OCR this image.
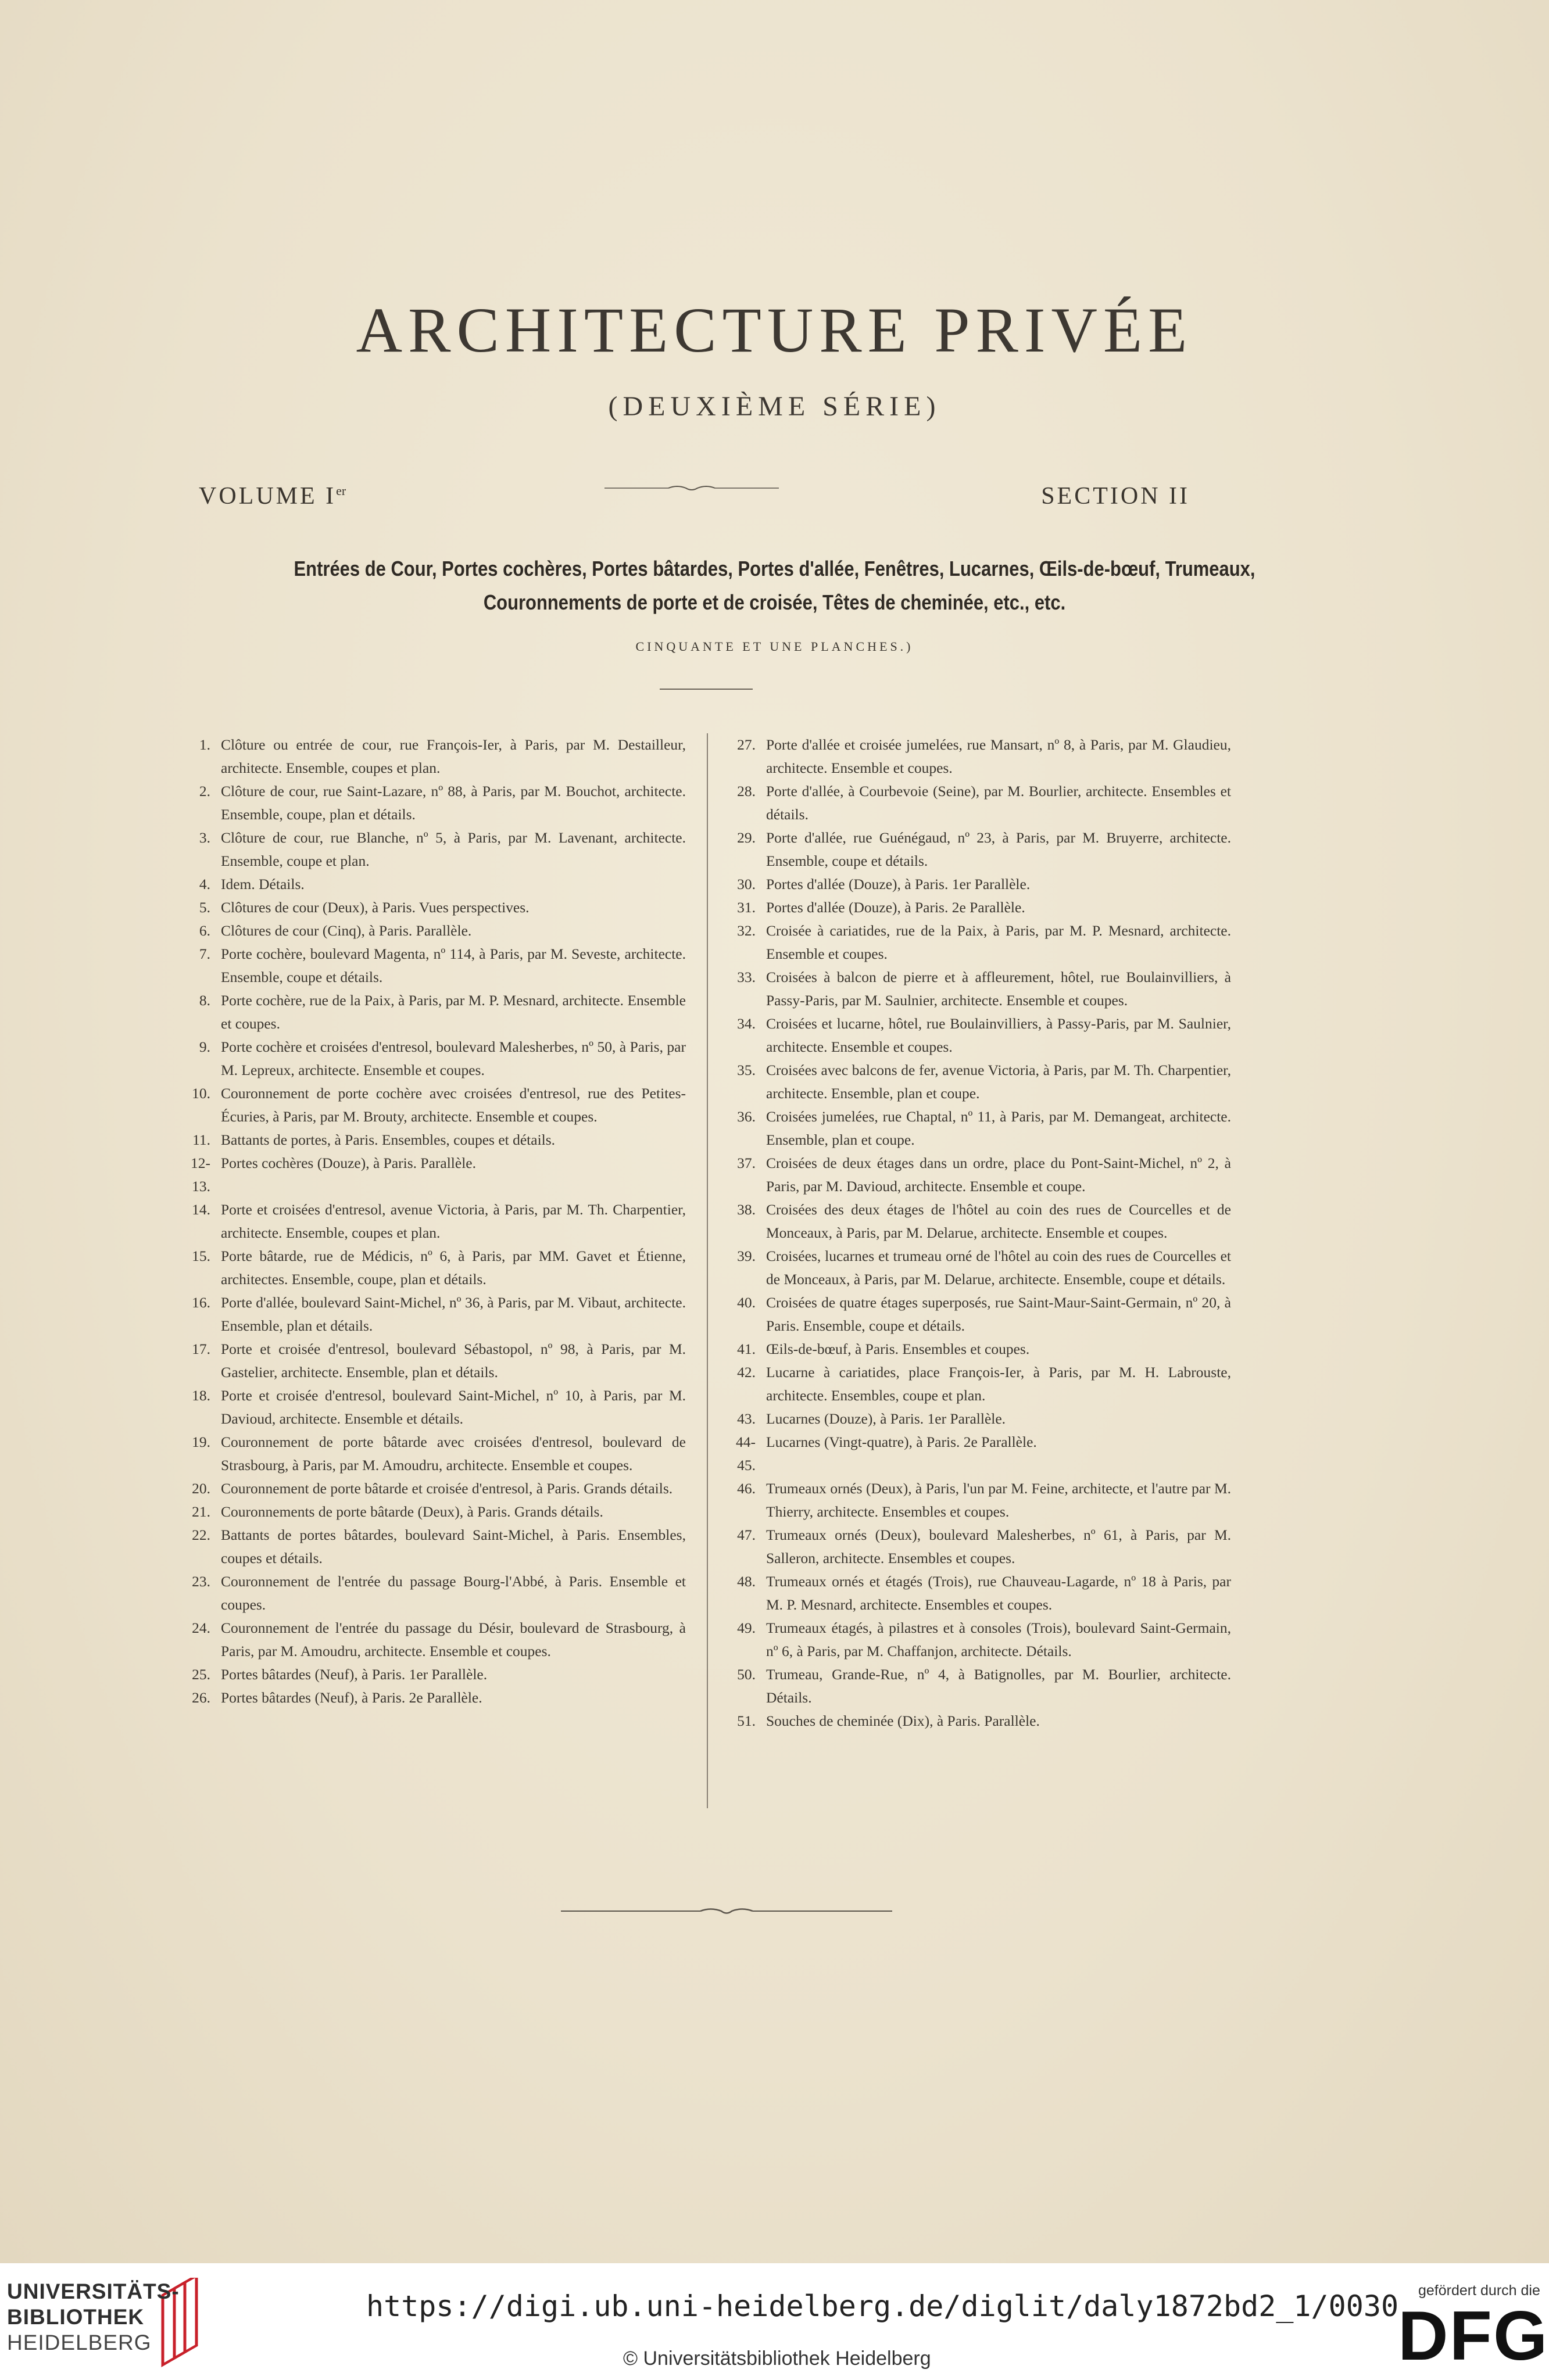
ARCHITECTURE PRIVÉE
(DEUXIÈME SÉRIE)
VOLUME Ier	SECTION II
Entrées de Cour, Portes cochères, Portes bâtardes, Portes d'allée, Fenêtres, Lucarnes, Œils-de-bœuf, Trumeaux,
Couronnements de porte et de croisée, Têtes de cheminée, etc., etc.
CINQUANTE ET UNE PLANCHES.)
1. Clôture ou entrée de cour, rue François-Ier, à Paris, par M. Destailleur, architecte. Ensemble, coupes et plan.
2. Clôture de cour, rue Saint-Lazare, nº 88, à Paris, par M. Bouchot, architecte. Ensemble, coupe, plan et détails.
3. Clôture de cour, rue Blanche, nº 5, à Paris, par M. Lavenant, architecte. Ensemble, coupe et plan.
4. Idem. Détails.
5. Clôtures de cour (Deux), à Paris. Vues perspectives.
6. Clôtures de cour (Cinq), à Paris. Parallèle.
7. Porte cochère, boulevard Magenta, nº 114, à Paris, par M. Seveste, architecte. Ensemble, coupe et détails.
8. Porte cochère, rue de la Paix, à Paris, par M. P. Mesnard, architecte. Ensemble et coupes.
9. Porte cochère et croisées d'entresol, boulevard Malesherbes, nº 50, à Paris, par M. Lepreux, architecte. Ensemble et coupes.
10. Couronnement de porte cochère avec croisées d'entresol, rue des Petites-Écuries, à Paris, par M. Brouty, architecte. Ensemble et coupes.
11. Battants de portes, à Paris. Ensembles, coupes et détails.
12-13.
Portes cochères (Douze), à Paris. Parallèle.
14. Porte et croisées d'entresol, avenue Victoria, à Paris, par M. Th. Charpentier, architecte. Ensemble, coupes et plan.
15. Porte bâtarde, rue de Médicis, nº 6, à Paris, par MM. Gavet et Étienne, architectes. Ensemble, coupe, plan et détails.
16. Porte d'allée, boulevard Saint-Michel, nº 36, à Paris, par M. Vibaut, architecte. Ensemble, plan et détails.
17. Porte et croisée d'entresol, boulevard Sébastopol, nº 98, à Paris, par M. Gastelier, architecte. Ensemble, plan et détails.
18. Porte et croisée d'entresol, boulevard Saint-Michel, nº 10, à Paris, par M. Davioud, architecte. Ensemble et détails.
19. Couronnement de porte bâtarde avec croisées d'entresol, boulevard de Strasbourg, à Paris, par M. Amoudru, architecte. Ensemble et coupes.
20. Couronnement de porte bâtarde et croisée d'entresol, à Paris. Grands détails.
21. Couronnements de porte bâtarde (Deux), à Paris. Grands détails.
22. Battants de portes bâtardes, boulevard Saint-Michel, à Paris. Ensembles, coupes et détails.
23. Couronnement de l'entrée du passage Bourg-l'Abbé, à Paris. Ensemble et coupes.
24. Couronnement de l'entrée du passage du Désir, boulevard de Strasbourg, à Paris, par M. Amoudru, architecte. Ensemble et coupes.
25. Portes bâtardes (Neuf), à Paris. 1er Parallèle.
26. Portes bâtardes (Neuf), à Paris. 2e Parallèle.
27. Porte d'allée et croisée jumelées, rue Mansart, nº 8, à Paris, par M. Glaudieu, architecte. Ensemble et coupes.
28. Porte d'allée, à Courbevoie (Seine), par M. Bourlier, architecte. Ensembles et détails.
29. Porte d'allée, rue Guénégaud, nº 23, à Paris, par M. Bruyerre, architecte. Ensemble, coupe et détails.
30. Portes d'allée (Douze), à Paris. 1er Parallèle.
31. Portes d'allée (Douze), à Paris. 2e Parallèle.
32. Croisée à cariatides, rue de la Paix, à Paris, par M. P. Mesnard, architecte. Ensemble et coupes.
33. Croisées à balcon de pierre et à affleurement, hôtel, rue Boulainvilliers, à Passy-Paris, par M. Saulnier, architecte. Ensemble et coupes.
34. Croisées et lucarne, hôtel, rue Boulainvilliers, à Passy-Paris, par M. Saulnier, architecte. Ensemble et coupes.
35. Croisées avec balcons de fer, avenue Victoria, à Paris, par M. Th. Charpentier, architecte. Ensemble, plan et coupe.
36. Croisées jumelées, rue Chaptal, nº 11, à Paris, par M. Demangeat, architecte. Ensemble, plan et coupe.
37. Croisées de deux étages dans un ordre, place du Pont-Saint-Michel, nº 2, à Paris, par M. Davioud, architecte. Ensemble et coupe.
38. Croisées des deux étages de l'hôtel au coin des rues de Courcelles et de Monceaux, à Paris, par M. Delarue, architecte. Ensemble et coupes.
39. Croisées, lucarnes et trumeau orné de l'hôtel au coin des rues de Courcelles et de Monceaux, à Paris, par M. Delarue, architecte. Ensemble, coupe et détails.
40. Croisées de quatre étages superposés, rue Saint-Maur-Saint-Germain, nº 20, à Paris. Ensemble, coupe et détails.
41. Œils-de-bœuf, à Paris. Ensembles et coupes.
42. Lucarne à cariatides, place François-Ier, à Paris, par M. H. Labrouste, architecte. Ensembles, coupe et plan.
43. Lucarnes (Douze), à Paris. 1er Parallèle.
44-45.
Lucarnes (Vingt-quatre), à Paris. 2e Parallèle.
46. Trumeaux ornés (Deux), à Paris, l'un par M. Feine, architecte, et l'autre par M. Thierry, architecte. Ensembles et coupes.
47. Trumeaux ornés (Deux), boulevard Malesherbes, nº 61, à Paris, par M. Salleron, architecte. Ensembles et coupes.
48. Trumeaux ornés et étagés (Trois), rue Chauveau-Lagarde, nº 18 à Paris, par M. P. Mesnard, architecte. Ensembles et coupes.
49. Trumeaux étagés, à pilastres et à consoles (Trois), boulevard Saint-Germain, nº 6, à Paris, par M. Chaffanjon, architecte. Détails.
50. Trumeau, Grande-Rue, nº 4, à Batignolles, par M. Bourlier, architecte. Détails.
51. Souches de cheminée (Dix), à Paris. Parallèle.
UNIVERSITÄTS-
BIBLIOTHEK
HEIDELBERG
https://digi.ub.uni-heidelberg.de/diglit/daly1872bd2_1/0030
© Universitätsbibliothek Heidelberg
gefördert durch die
DFG
